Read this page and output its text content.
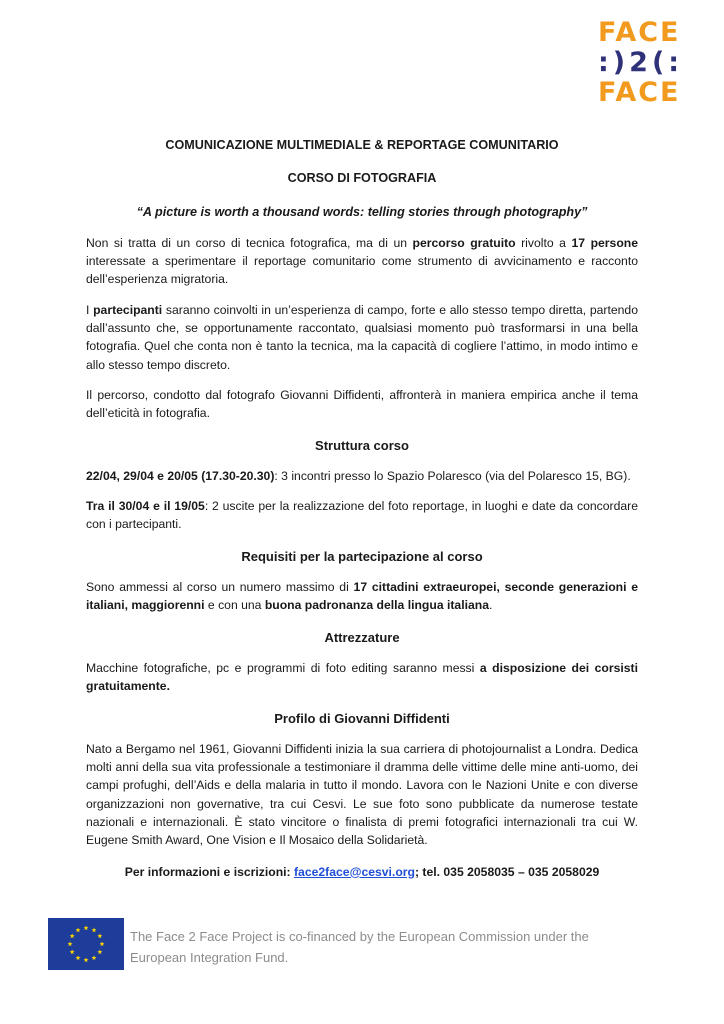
FACE
:)2(:
FACE
COMUNICAZIONE MULTIMEDIALE & REPORTAGE COMUNITARIO
CORSO DI FOTOGRAFIA
“A picture is worth a thousand words: telling stories through photography”

Non si tratta di un corso di tecnica fotografica, ma di un percorso gratuito rivolto a 17 persone interessate a sperimentare il reportage comunitario come strumento di avvicinamento e racconto dell’esperienza migratoria.

I partecipanti saranno coinvolti in un’esperienza di campo, forte e allo stesso tempo diretta, partendo dall’assunto che, se opportunamente raccontato, qualsiasi momento può trasformarsi in una bella fotografia. Quel che conta non è tanto la tecnica, ma la capacità di cogliere l’attimo, in modo intimo e allo stesso tempo discreto.

Il percorso, condotto dal fotografo Giovanni Diffidenti, affronterà in maniera empirica anche il tema dell’eticità in fotografia.

Struttura corso

22/04, 29/04 e 20/05 (17.30-20.30): 3 incontri presso lo Spazio Polaresco (via del Polaresco 15, BG).

Tra il 30/04 e il 19/05: 2 uscite per la realizzazione del foto reportage, in luoghi e date da concordare con i partecipanti.

Requisiti per la partecipazione al corso

Sono ammessi al corso un numero massimo di 17 cittadini extraeuropei, seconde generazioni e italiani, maggiorenni e con una buona padronanza della lingua italiana.

Attrezzature

Macchine fotografiche, pc e programmi di foto editing saranno messi a disposizione dei corsisti gratuitamente.

Profilo di Giovanni Diffidenti

Nato a Bergamo nel 1961, Giovanni Diffidenti inizia la sua carriera di photojournalist a Londra. Dedica molti anni della sua vita professionale a testimoniare il dramma delle vittime delle mine anti-uomo, dei campi profughi, dell’Aids e della malaria in tutto il mondo. Lavora con le Nazioni Unite e con diverse organizzazioni non governative, tra cui Cesvi. Le sue foto sono pubblicate da numerose testate nazionali e internazionali. È stato vincitore o finalista di premi fotografici internazionali tra cui W. Eugene Smith Award, One Vision e Il Mosaico della Solidarietà.

Per informazioni e iscrizioni: face2face@cesvi.org; tel. 035 2058035 – 035 2058029
The Face 2 Face Project is co-financed by the European Commission under the European Integration Fund.
